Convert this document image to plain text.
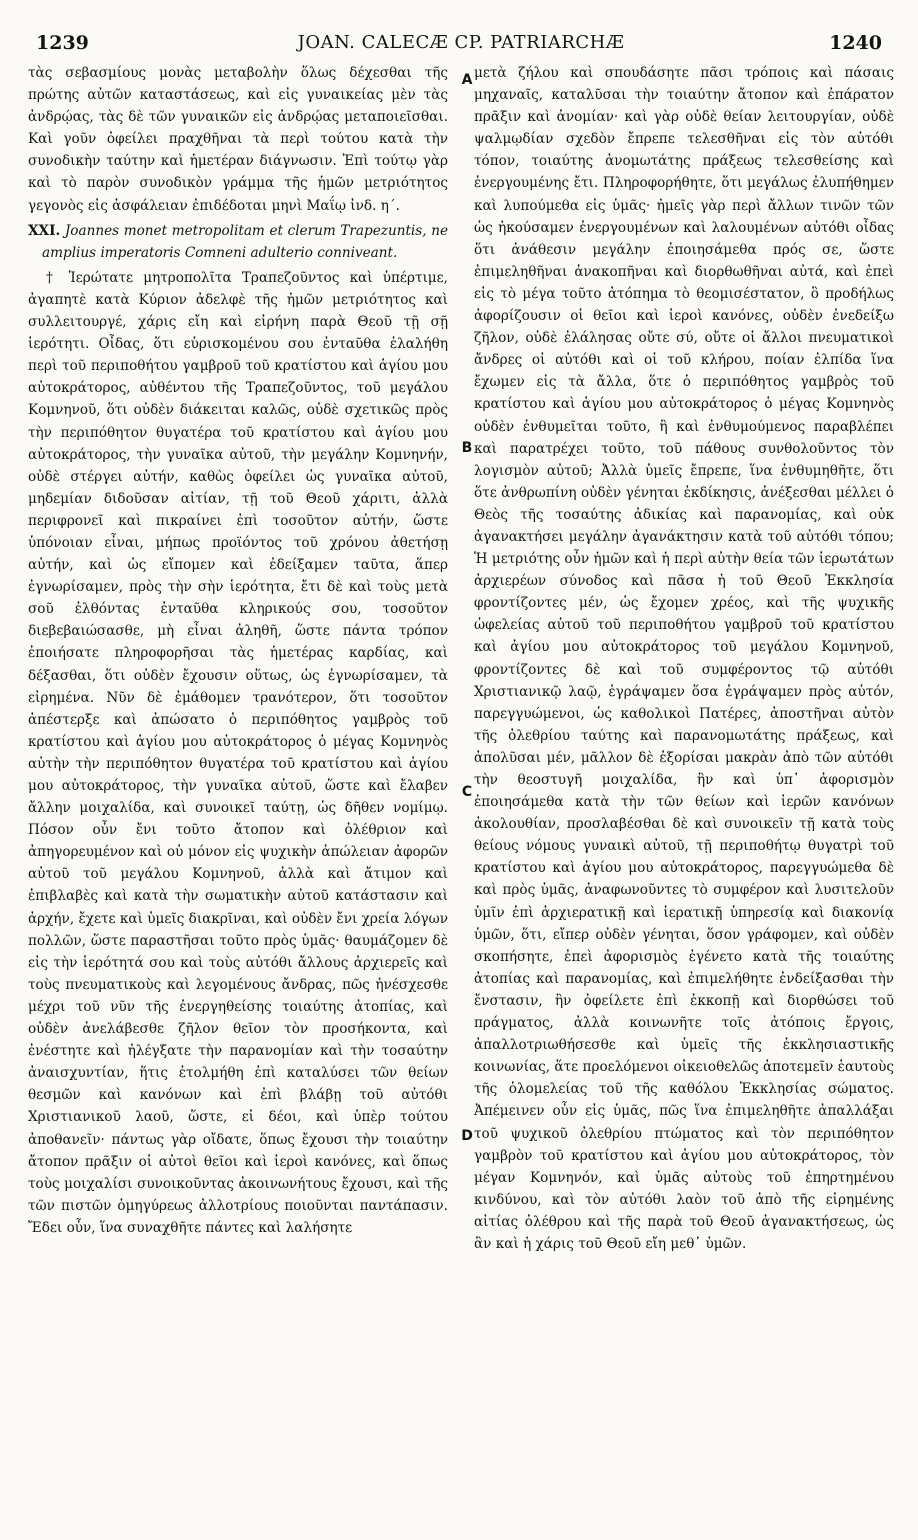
1239	JOAN. CALECÆ CP. PATRIARCHÆ	1240

τὰς σεβασμίους μονὰς μεταβολὴν ὅλως δέχεσθαι τῆς πρώτης αὐτῶν καταστάσεως, καὶ εἰς γυναικείας μὲν τὰς ἀνδρῴας, τὰς δὲ τῶν γυναικῶν εἰς ἀνδρῴας μεταποιεῖσθαι. Καὶ γοῦν ὀφείλει πραχθῆναι τὰ περὶ τούτου κατὰ τὴν συνοδικὴν ταύτην καὶ ἡμετέραν διάγνωσιν. Ἐπὶ τούτῳ γὰρ καὶ τὸ παρὸν συνοδικὸν γράμμα τῆς ἡμῶν μετριότητος γεγονὸς εἰς ἀσφάλειαν ἐπιδέδοται μηνὶ Μαΐῳ ἰνδ. η΄.

XXI. Joannes monet metropolitam et clerum Trapezuntis, ne amplius imperatoris Comneni adulterio conniveant.

† Ἱερώτατε μητροπολῖτα Τραπεζοῦντος καὶ ὑπέρτιμε, ἀγαπητὲ κατὰ Κύριον ἀδελφὲ τῆς ἡμῶν μετριότητος καὶ συλλειτουργέ, χάρις εἴη καὶ εἰρήνη παρὰ Θεοῦ τῇ σῇ ἱερότητι. Οἶδας, ὅτι εὑρισκομένου σου ἐνταῦθα ἐλαλήθη περὶ τοῦ περιποθήτου γαμβροῦ τοῦ κρατίστου καὶ ἁγίου μου αὐτοκράτορος, αὐθέντου τῆς Τραπεζοῦντος, τοῦ μεγάλου Κομνηνοῦ, ὅτι οὐδὲν διάκειται καλῶς, οὐδὲ σχετικῶς πρὸς τὴν περιπόθητον θυγατέρα τοῦ κρατίστου καὶ ἁγίου μου αὐτοκράτορος, τὴν γυναῖκα αὐτοῦ, τὴν μεγάλην Κομνηνήν, οὐδὲ στέργει αὐτήν, καθὼς ὀφείλει ὡς γυναῖκα αὐτοῦ, μηδεμίαν διδοῦσαν αἰτίαν, τῇ τοῦ Θεοῦ χάριτι, ἀλλὰ περιφρονεῖ καὶ πικραίνει ἐπὶ τοσοῦτον αὐτήν, ὥστε ὑπόνοιαν εἶναι, μήπως προϊόντος τοῦ χρόνου ἀθετήσῃ αὐτήν, καὶ ὡς εἴπομεν καὶ ἐδείξαμεν ταῦτα, ἅπερ ἐγνωρίσαμεν, πρὸς τὴν σὴν ἱερότητα, ἔτι δὲ καὶ τοὺς μετὰ σοῦ ἐλθόντας ἐνταῦθα κληρικούς σου, τοσοῦτον διεβεβαιώσασθε, μὴ εἶναι ἀληθῆ, ὥστε πάντα τρόπον ἐποιήσατε πληροφορῆσαι τὰς ἡμετέρας καρδίας, καὶ δέξασθαι, ὅτι οὐδὲν ἔχουσιν οὕτως, ὡς ἐγνωρίσαμεν, τὰ εἰρημένα. Νῦν δὲ ἐμάθομεν τρανότερον, ὅτι τοσοῦτον ἀπέστερξε καὶ ἀπώσατο ὁ περιπόθητος γαμβρὸς τοῦ κρατίστου καὶ ἁγίου μου αὐτοκράτορος ὁ μέγας Κομνηνὸς αὐτὴν τὴν περιπόθητον θυγατέρα τοῦ κρατίστου καὶ ἁγίου μου αὐτοκράτορος, τὴν γυναῖκα αὐτοῦ, ὥστε καὶ ἔλαβεν ἄλλην μοιχαλίδα, καὶ συνοικεῖ ταύτῃ, ὡς δῆθεν νομίμῳ. Πόσον οὖν ἔνι τοῦτο ἄτοπον καὶ ὀλέθριον καὶ ἀπηγορευμένον καὶ οὐ μόνον εἰς ψυχικὴν ἀπώλειαν ἀφορῶν αὐτοῦ τοῦ μεγάλου Κομνηνοῦ, ἀλλὰ καὶ ἄτιμον καὶ ἐπιβλαβὲς καὶ κατὰ τὴν σωματικὴν αὐτοῦ κατάστασιν καὶ ἀρχήν, ἔχετε καὶ ὑμεῖς διακρῖναι, καὶ οὐδὲν ἔνι χρεία λόγων πολλῶν, ὥστε παραστῆσαι τοῦτο πρὸς ὑμᾶς· θαυμάζομεν δὲ εἰς τὴν ἱερότητά σου καὶ τοὺς αὐτόθι ἄλλους ἀρχιερεῖς καὶ τοὺς πνευματικοὺς καὶ λεγομένους ἄνδρας, πῶς ἠνέσχεσθε μέχρι τοῦ νῦν τῆς ἐνεργηθείσης τοιαύτης ἀτοπίας, καὶ οὐδὲν ἀνελάβεσθε ζῆλον θεῖον τὸν προσήκοντα, καὶ ἐνέστητε καὶ ἠλέγξατε τὴν παρανομίαν καὶ τὴν τοσαύτην ἀναισχυντίαν, ἥτις ἐτολμήθη ἐπὶ καταλύσει τῶν θείων θεσμῶν καὶ κανόνων καὶ ἐπὶ βλάβῃ τοῦ αὐτόθι Χριστιανικοῦ λαοῦ, ὥστε, εἰ δέοι, καὶ ὑπὲρ τούτου ἀποθανεῖν· πάντως γὰρ οἴδατε, ὅπως ἔχουσι τὴν τοιαύτην ἄτοπον πρᾶξιν οἱ αὐτοὶ θεῖοι καὶ ἱεροὶ κανόνες, καὶ ὅπως τοὺς μοιχαλίσι συνοικοῦντας ἀκοινωνήτους ἔχουσι, καὶ τῆς τῶν πιστῶν ὁμηγύρεως ἀλλοτρίους ποιοῦνται παντάπασιν. Ἔδει οὖν, ἵνα συναχθῆτε πάντες καὶ λαλήσητε

A
B
C
D

μετὰ ζήλου καὶ σπουδάσητε πᾶσι τρόποις καὶ πάσαις μηχαναῖς, καταλῦσαι τὴν τοιαύτην ἄτοπον καὶ ἐπάρατον πρᾶξιν καὶ ἀνομίαν· καὶ γὰρ οὐδὲ θείαν λειτουργίαν, οὐδὲ ψαλμῳδίαν σχεδὸν ἔπρεπε τελεσθῆναι εἰς τὸν αὐτόθι τόπον, τοιαύτης ἀνομωτάτης πράξεως τελεσθείσης καὶ ἐνεργουμένης ἔτι. Πληροφορήθητε, ὅτι μεγάλως ἐλυπήθημεν καὶ λυπούμεθα εἰς ὑμᾶς· ἠμεῖς γὰρ περὶ ἄλλων τινῶν τῶν ὡς ἠκούσαμεν ἐνεργουμένων καὶ λαλουμένων αὐτόθι οἶδας ὅτι ἀνάθεσιν μεγάλην ἐποιησάμεθα πρός σε, ὥστε ἐπιμεληθῆναι ἀνακοπῆναι καὶ διορθωθῆναι αὐτά, καὶ ἐπεὶ εἰς τὸ μέγα τοῦτο ἀτόπημα τὸ θεομισέστατον, ὃ προδήλως ἀφορίζουσιν οἱ θεῖοι καὶ ἱεροὶ κανόνες, οὐδὲν ἐνεδείξω ζῆλον, οὐδὲ ἐλάλησας οὔτε σύ, οὔτε οἱ ἄλλοι πνευματικοὶ ἄνδρες οἱ αὐτόθι καὶ οἱ τοῦ κλήρου, ποίαν ἐλπίδα ἵνα ἔχωμεν εἰς τὰ ἄλλα, ὅτε ὁ περιπόθητος γαμβρὸς τοῦ κρατίστου καὶ ἁγίου μου αὐτοκράτορος ὁ μέγας Κομνηνὸς οὐδὲν ἐνθυμεῖται τοῦτο, ἢ καὶ ἐνθυμούμενος παραβλέπει καὶ παρατρέχει τοῦτο, τοῦ πάθους συνθολοῦντος τὸν λογισμὸν αὐτοῦ; Ἀλλὰ ὑμεῖς ἔπρεπε, ἵνα ἐνθυμηθῆτε, ὅτι ὅτε ἀνθρωπίνη οὐδὲν γένηται ἐκδίκησις, ἀνέξεσθαι μέλλει ὁ Θεὸς τῆς τοσαύτης ἀδικίας καὶ παρανομίας, καὶ οὐκ ἀγανακτήσει μεγάλην ἀγανάκτησιν κατὰ τοῦ αὐτόθι τόπου; Ἡ μετριότης οὖν ἡμῶν καὶ ἡ περὶ αὐτὴν θεία τῶν ἱερωτάτων ἀρχιερέων σύνοδος καὶ πᾶσα ἡ τοῦ Θεοῦ Ἐκκλησία φροντίζοντες μέν, ὡς ἔχομεν χρέος, καὶ τῆς ψυχικῆς ὠφελείας αὐτοῦ τοῦ περιποθήτου γαμβροῦ τοῦ κρατίστου καὶ ἁγίου μου αὐτοκράτορος τοῦ μεγάλου Κομνηνοῦ, φροντίζοντες δὲ καὶ τοῦ συμφέροντος τῷ αὐτόθι Χριστιανικῷ λαῷ, ἐγράψαμεν ὅσα ἐγράψαμεν πρὸς αὐτόν, παρεγγυώμενοι, ὡς καθολικοὶ Πατέρες, ἀποστῆναι αὐτὸν τῆς ὀλεθρίου ταύτης καὶ παρανομωτάτης πράξεως, καὶ ἀπολῦσαι μέν, μᾶλλον δὲ ἐξορίσαι μακρὰν ἀπὸ τῶν αὐτόθι τὴν θεοστυγῆ μοιχαλίδα, ἣν καὶ ὑπ᾿ ἀφορισμὸν ἐποιησάμεθα κατὰ τὴν τῶν θείων καὶ ἱερῶν κανόνων ἀκολουθίαν, προσλαβέσθαι δὲ καὶ συνοικεῖν τῇ κατὰ τοὺς θείους νόμους γυναικὶ αὐτοῦ, τῇ περιποθήτῳ θυγατρὶ τοῦ κρατίστου καὶ ἁγίου μου αὐτοκράτορος, παρεγγυώμεθα δὲ καὶ πρὸς ὑμᾶς, ἀναφωνοῦντες τὸ συμφέρον καὶ λυσιτελοῦν ὑμῖν ἐπὶ ἀρχιερατικῇ καὶ ἱερατικῇ ὑπηρεσίᾳ καὶ διακονίᾳ ὑμῶν, ὅτι, εἴπερ οὐδὲν γένηται, ὅσον γράφομεν, καὶ οὐδὲν σκοπήσητε, ἐπεὶ ἀφορισμὸς ἐγένετο κατὰ τῆς τοιαύτης ἀτοπίας καὶ παρανομίας, καὶ ἐπιμελήθητε ἐνδείξασθαι τὴν ἔνστασιν, ἣν ὀφείλετε ἐπὶ ἐκκοπῇ καὶ διορθώσει τοῦ πράγματος, ἀλλὰ κοινωνῆτε τοῖς ἀτόποις ἔργοις, ἀπαλλοτριωθήσεσθε καὶ ὑμεῖς τῆς ἐκκλησιαστικῆς κοινωνίας, ἅτε προελόμενοι οἰκειοθελῶς ἀποτεμεῖν ἑαυτοὺς τῆς ὁλομελείας τοῦ τῆς καθόλου Ἐκκλησίας σώματος. Ἀπέμεινεν οὖν εἰς ὑμᾶς, πῶς ἵνα ἐπιμεληθῆτε ἀπαλλάξαι τοῦ ψυχικοῦ ὀλεθρίου πτώματος καὶ τὸν περιπόθητον γαμβρὸν τοῦ κρατίστου καὶ ἁγίου μου αὐτοκράτορος, τὸν μέγαν Κομνηνόν, καὶ ὑμᾶς αὐτοὺς τοῦ ἐπηρτημένου κινδύνου, καὶ τὸν αὐτόθι λαὸν τοῦ ἀπὸ τῆς εἰρημένης αἰτίας ὀλέθρου καὶ τῆς παρὰ τοῦ Θεοῦ ἀγανακτήσεως, ὡς ἂν καὶ ἡ χάρις τοῦ Θεοῦ εἴη μεθ᾿ ὑμῶν.
